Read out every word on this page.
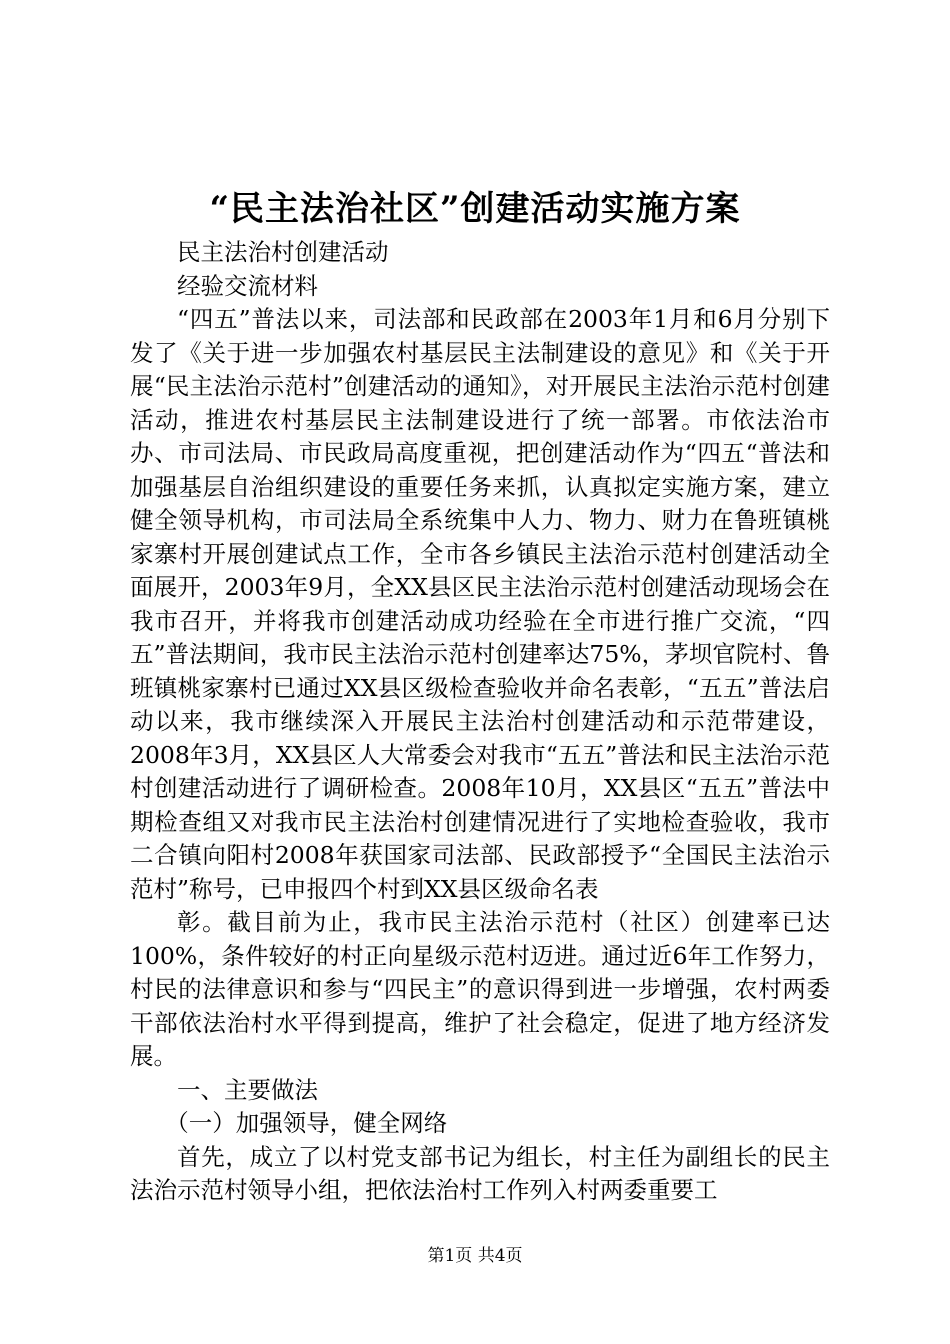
“民主法治社区”创建活动实施方案

民主法治村创建活动

经验交流材料

“四五”普法以来，司法部和民政部在2003年1月和6月分别下发了《关于进一步加强农村基层民主法制建设的意见》和《关于开展“民主法治示范村”创建活动的通知》，对开展民主法治示范村创建活动，推进农村基层民主法制建设进行了统一部署。市依法治市办、市司法局、市民政局高度重视，把创建活动作为“四五“普法和加强基层自治组织建设的重要任务来抓，认真拟定实施方案，建立健全领导机构，市司法局全系统集中人力、物力、财力在鲁班镇桃家寨村开展创建试点工作，全市各乡镇民主法治示范村创建活动全面展开，2003年9月，全XX县区民主法治示范村创建活动现场会在我市召开，并将我市创建活动成功经验在全市进行推广交流，“四五”普法期间，我市民主法治示范村创建率达75%，茅坝官院村、鲁班镇桃家寨村已通过XX县区级检查验收并命名表彰，“五五”普法启动以来，我市继续深入开展民主法治村创建活动和示范带建设，2008年3月，XX县区人大常委会对我市“五五”普法和民主法治示范村创建活动进行了调研检查。2008年10月，XX县区“五五”普法中期检查组又对我市民主法治村创建情况进行了实地检查验收，我市二合镇向阳村2008年获国家司法部、民政部授予“全国民主法治示范村”称号，已申报四个村到XX县区级命名表

彰。截目前为止，我市民主法治示范村（社区）创建率已达100%，条件较好的村正向星级示范村迈进。通过近6年工作努力，村民的法律意识和参与“四民主”的意识得到进一步增强，农村两委干部依法治村水平得到提高，维护了社会稳定，促进了地方经济发展。

一、主要做法

（一）加强领导，健全网络

首先，成立了以村党支部书记为组长，村主任为副组长的民主法治示范村领导小组，把依法治村工作列入村两委重要工

第1页 共4页
